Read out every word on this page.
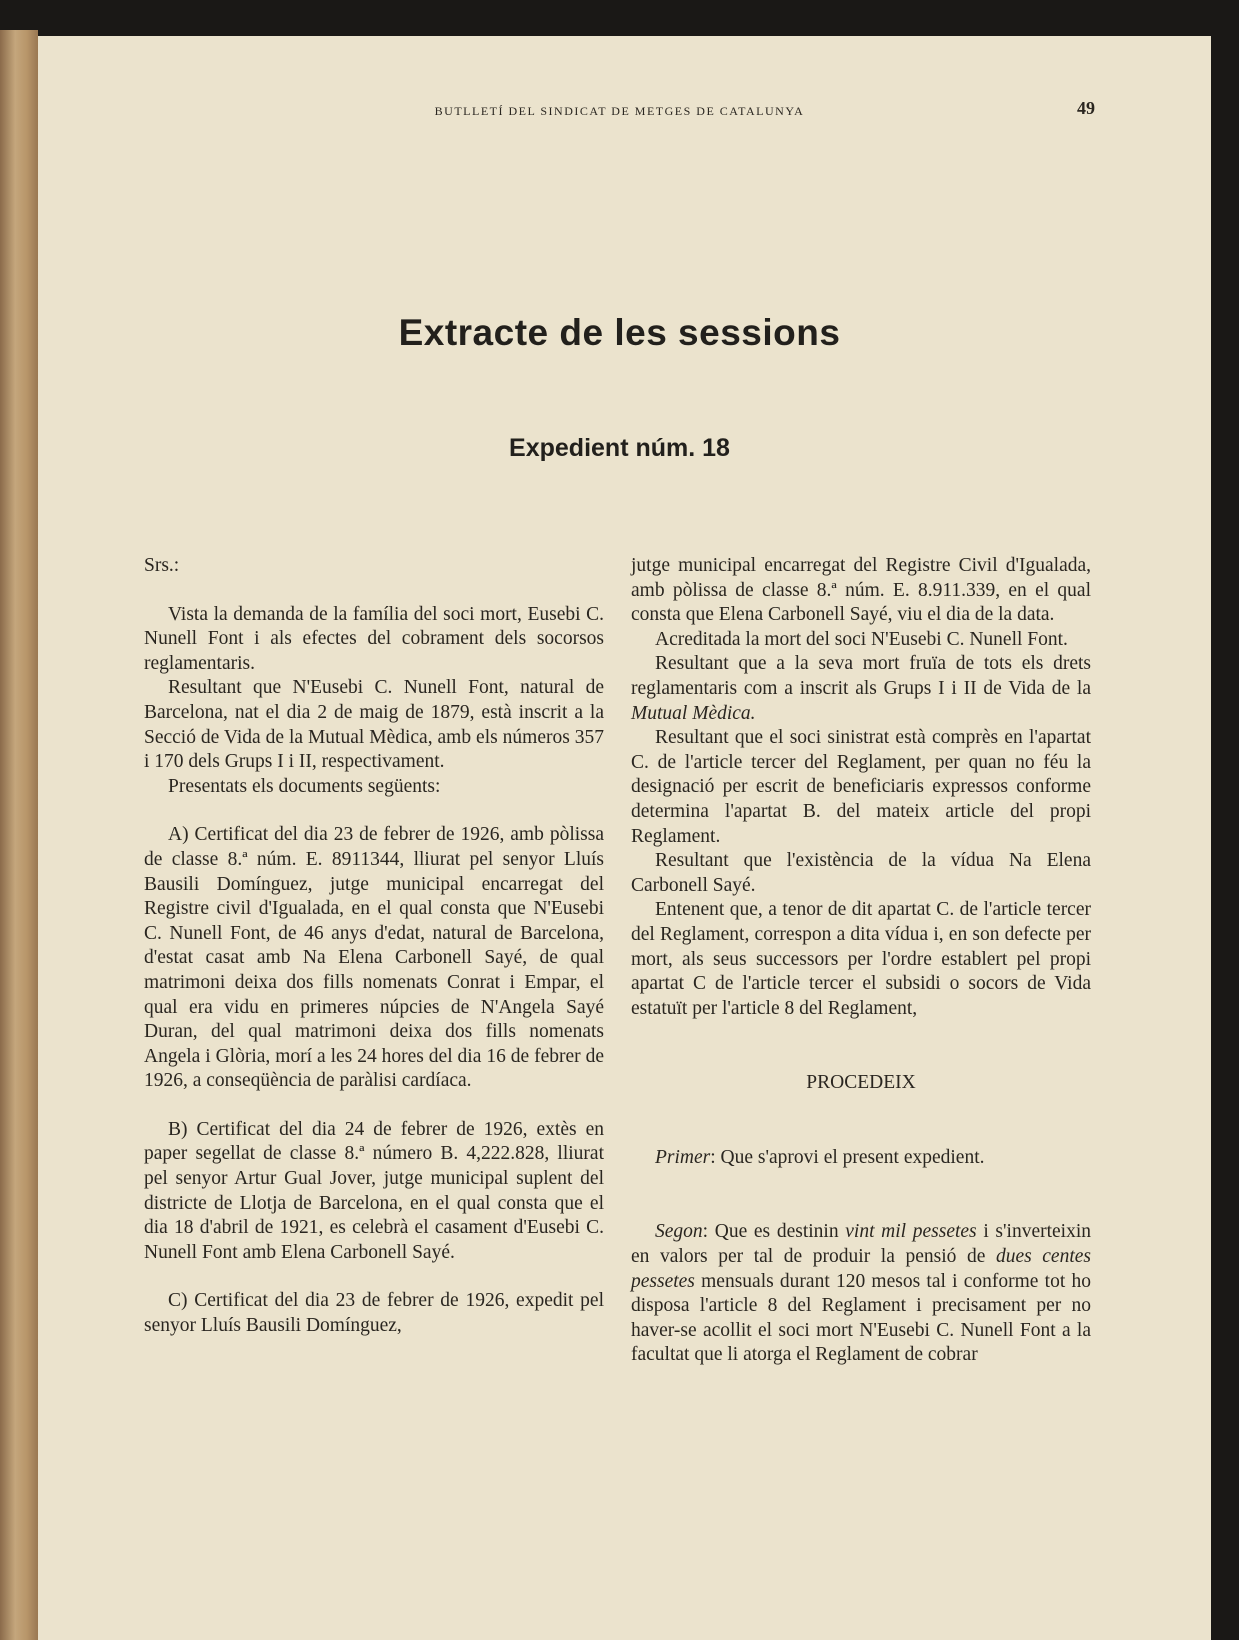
BUTLLETÍ DEL SINDICAT DE METGES DE CATALUNYA	49
Extracte de les sessions
Expedient núm. 18

Srs.:

Vista la demanda de la família del soci mort, Eusebi C. Nunell Font i als efectes del cobrament dels socorsos reglamentaris.

Resultant que N'Eusebi C. Nunell Font, natural de Barcelona, nat el dia 2 de maig de 1879, està inscrit a la Secció de Vida de la Mutual Mèdica, amb els números 357 i 170 dels Grups I i II, respectivament.

Presentats els documents següents:

A) Certificat del dia 23 de febrer de 1926, amb pòlissa de classe 8.ª núm. E. 8911344, lliurat pel senyor Lluís Bausili Domínguez, jutge municipal encarregat del Registre civil d'Igualada, en el qual consta que N'Eusebi C. Nunell Font, de 46 anys d'edat, natural de Barcelona, d'estat casat amb Na Elena Carbonell Sayé, de qual matrimoni deixa dos fills nomenats Conrat i Empar, el qual era vidu en primeres núpcies de N'Angela Sayé Duran, del qual matrimoni deixa dos fills nomenats Angela i Glòria, morí a les 24 hores del dia 16 de febrer de 1926, a conseqüència de paràlisi cardíaca.

B) Certificat del dia 24 de febrer de 1926, extès en paper segellat de classe 8.ª número B. 4,222.828, lliurat pel senyor Artur Gual Jover, jutge municipal suplent del districte de Llotja de Barcelona, en el qual consta que el dia 18 d'abril de 1921, es celebrà el casament d'Eusebi C. Nunell Font amb Elena Carbonell Sayé.

C) Certificat del dia 23 de febrer de 1926, expedit pel senyor Lluís Bausili Domínguez,

jutge municipal encarregat del Registre Civil d'Igualada, amb pòlissa de classe 8.ª núm. E. 8.911.339, en el qual consta que Elena Carbonell Sayé, viu el dia de la data.

Acreditada la mort del soci N'Eusebi C. Nunell Font.

Resultant que a la seva mort fruïa de tots els drets reglamentaris com a inscrit als Grups I i II de Vida de la Mutual Mèdica.

Resultant que el soci sinistrat està comprès en l'apartat C. de l'article tercer del Reglament, per quan no féu la designació per escrit de beneficiaris expressos conforme determina l'apartat B. del mateix article del propi Reglament.

Resultant que l'existència de la vídua Na Elena Carbonell Sayé.

Entenent que, a tenor de dit apartat C. de l'article tercer del Reglament, correspon a dita vídua i, en son defecte per mort, als seus successors per l'ordre establert pel propi apartat C de l'article tercer el subsidi o socors de Vida estatuït per l'article 8 del Reglament,

PROCEDEIX

Primer: Que s'aprovi el present expedient.

Segon: Que es destinin vint mil pessetes i s'inverteixin en valors per tal de produir la pensió de dues centes pessetes mensuals durant 120 mesos tal i conforme tot ho disposa l'article 8 del Reglament i precisament per no haver-se acollit el soci mort N'Eusebi C. Nunell Font a la facultat que li atorga el Reglament de cobrar
